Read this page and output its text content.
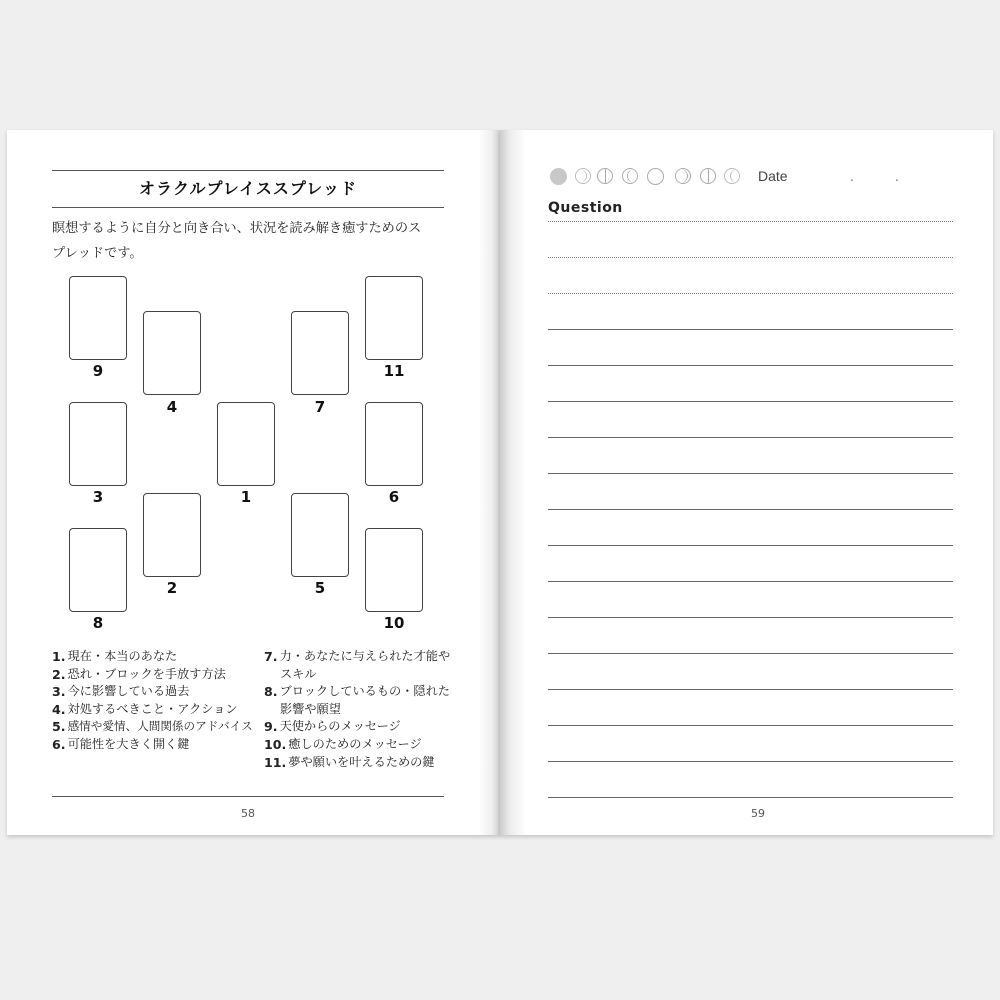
オラクルプレイススプレッド
瞑想するように自分と向き合い、状況を読み解き癒すためのス
プレッドです。
9
4
11
7
3	1	6
2	5
8	10
1. 現在・本当のあなた
2. 恐れ・ブロックを手放す方法
3. 今に影響している過去
4. 対処するべきこと・アクション
5. 感情や愛情、人間関係のアドバイス
6. 可能性を大きく開く鍵
7. 力・あなたに与えられた才能や
スキル
8. ブロックしているもの・隠れた
影響や願望
9. 天使からのメッセージ
10. 癒しのためのメッセージ
11. 夢や願いを叶えるための鍵
58
Date	.	.
Question
59
